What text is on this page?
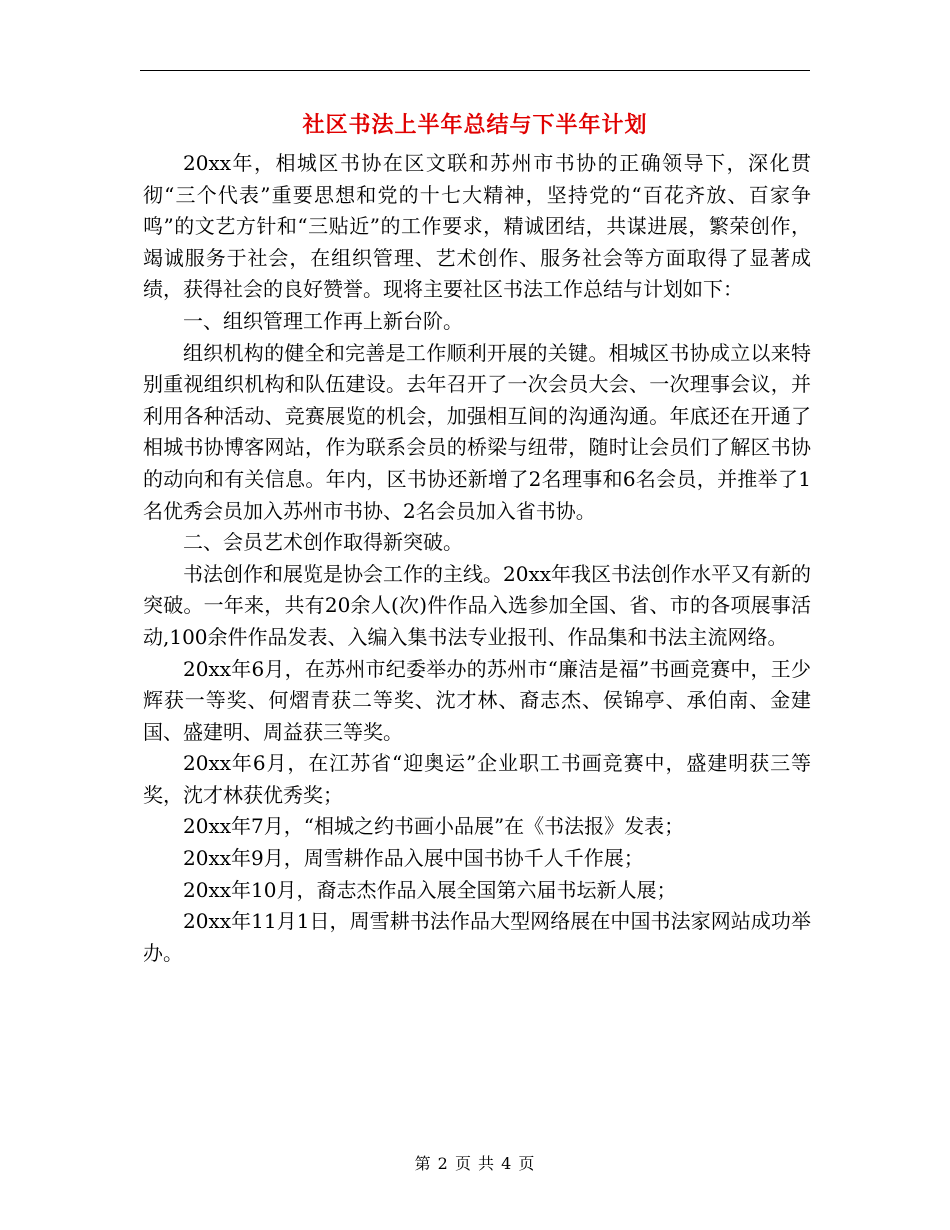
社区书法上半年总结与下半年计划

20xx年，相城区书协在区文联和苏州市书协的正确领导下，深化贯彻“三个代表”重要思想和党的十七大精神，坚持党的“百花齐放、百家争鸣”的文艺方针和“三贴近”的工作要求，精诚团结，共谋进展，繁荣创作，竭诚服务于社会，在组织管理、艺术创作、服务社会等方面取得了显著成绩，获得社会的良好赞誉。现将主要社区书法工作总结与计划如下：

一、组织管理工作再上新台阶。

组织机构的健全和完善是工作顺利开展的关键。相城区书协成立以来特别重视组织机构和队伍建设。去年召开了一次会员大会、一次理事会议，并利用各种活动、竞赛展览的机会，加强相互间的沟通沟通。年底还在开通了相城书协博客网站，作为联系会员的桥梁与纽带，随时让会员们了解区书协的动向和有关信息。年内，区书协还新增了2名理事和6名会员，并推举了1名优秀会员加入苏州市书协、2名会员加入省书协。

二、会员艺术创作取得新突破。

书法创作和展览是协会工作的主线。20xx年我区书法创作水平又有新的突破。一年来，共有20余人(次)件作品入选参加全国、省、市的各项展事活动,100余件作品发表、入编入集书法专业报刊、作品集和书法主流网络。

20xx年6月，在苏州市纪委举办的苏州市“廉洁是福”书画竞赛中，王少辉获一等奖、何熠青获二等奖、沈才林、裔志杰、侯锦亭、承伯南、金建国、盛建明、周益获三等奖。

20xx年6月，在江苏省“迎奥运”企业职工书画竞赛中，盛建明获三等奖，沈才林获优秀奖；

20xx年7月，“相城之约书画小品展”在《书法报》发表；

20xx年9月，周雪耕作品入展中国书协千人千作展；

20xx年10月，裔志杰作品入展全国第六届书坛新人展；

20xx年11月1日，周雪耕书法作品大型网络展在中国书法家网站成功举办。

第 2 页 共 4 页
